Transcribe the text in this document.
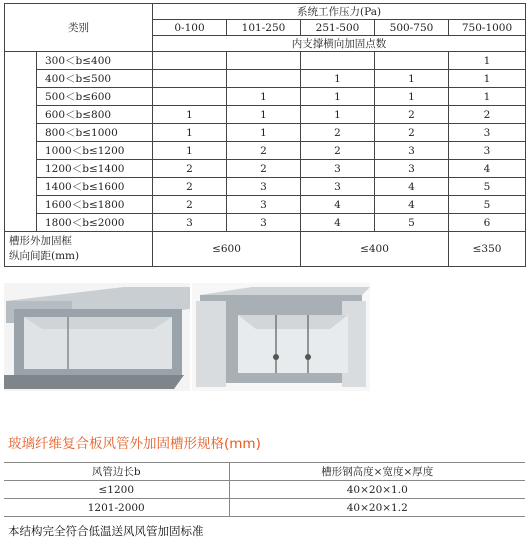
类别		系统工作压力(Pa)				
		0-100	101-250	251-500	500-750	750-1000
		内支撑横向加固点数				
	300＜b≤400					1
	400＜b≤500			1	1	1
	500＜b≤600		1	1	1	1
	600＜b≤800	1	1	1	2	2
	800＜b≤1000	1	1	2	2	3
	1000＜b≤1200	1	2	2	3	3
	1200＜b≤1400	2	2	3	3	4
	1400＜b≤1600	2	3	3	4	5
	1600＜b≤1800	2	3	4	4	5
	1800＜b≤2000	3	3	4	5	6

槽形外加固框
纵向间距(mm)		≤600		≤400		≤350
玻璃纤维复合板风管外加固槽形规格(mm)
风管边长b	槽形钢高度×宽度×厚度
≤1200	40×20×1.0
1201-2000	40×20×1.2
本结构完全符合低温送风风管加固标准
